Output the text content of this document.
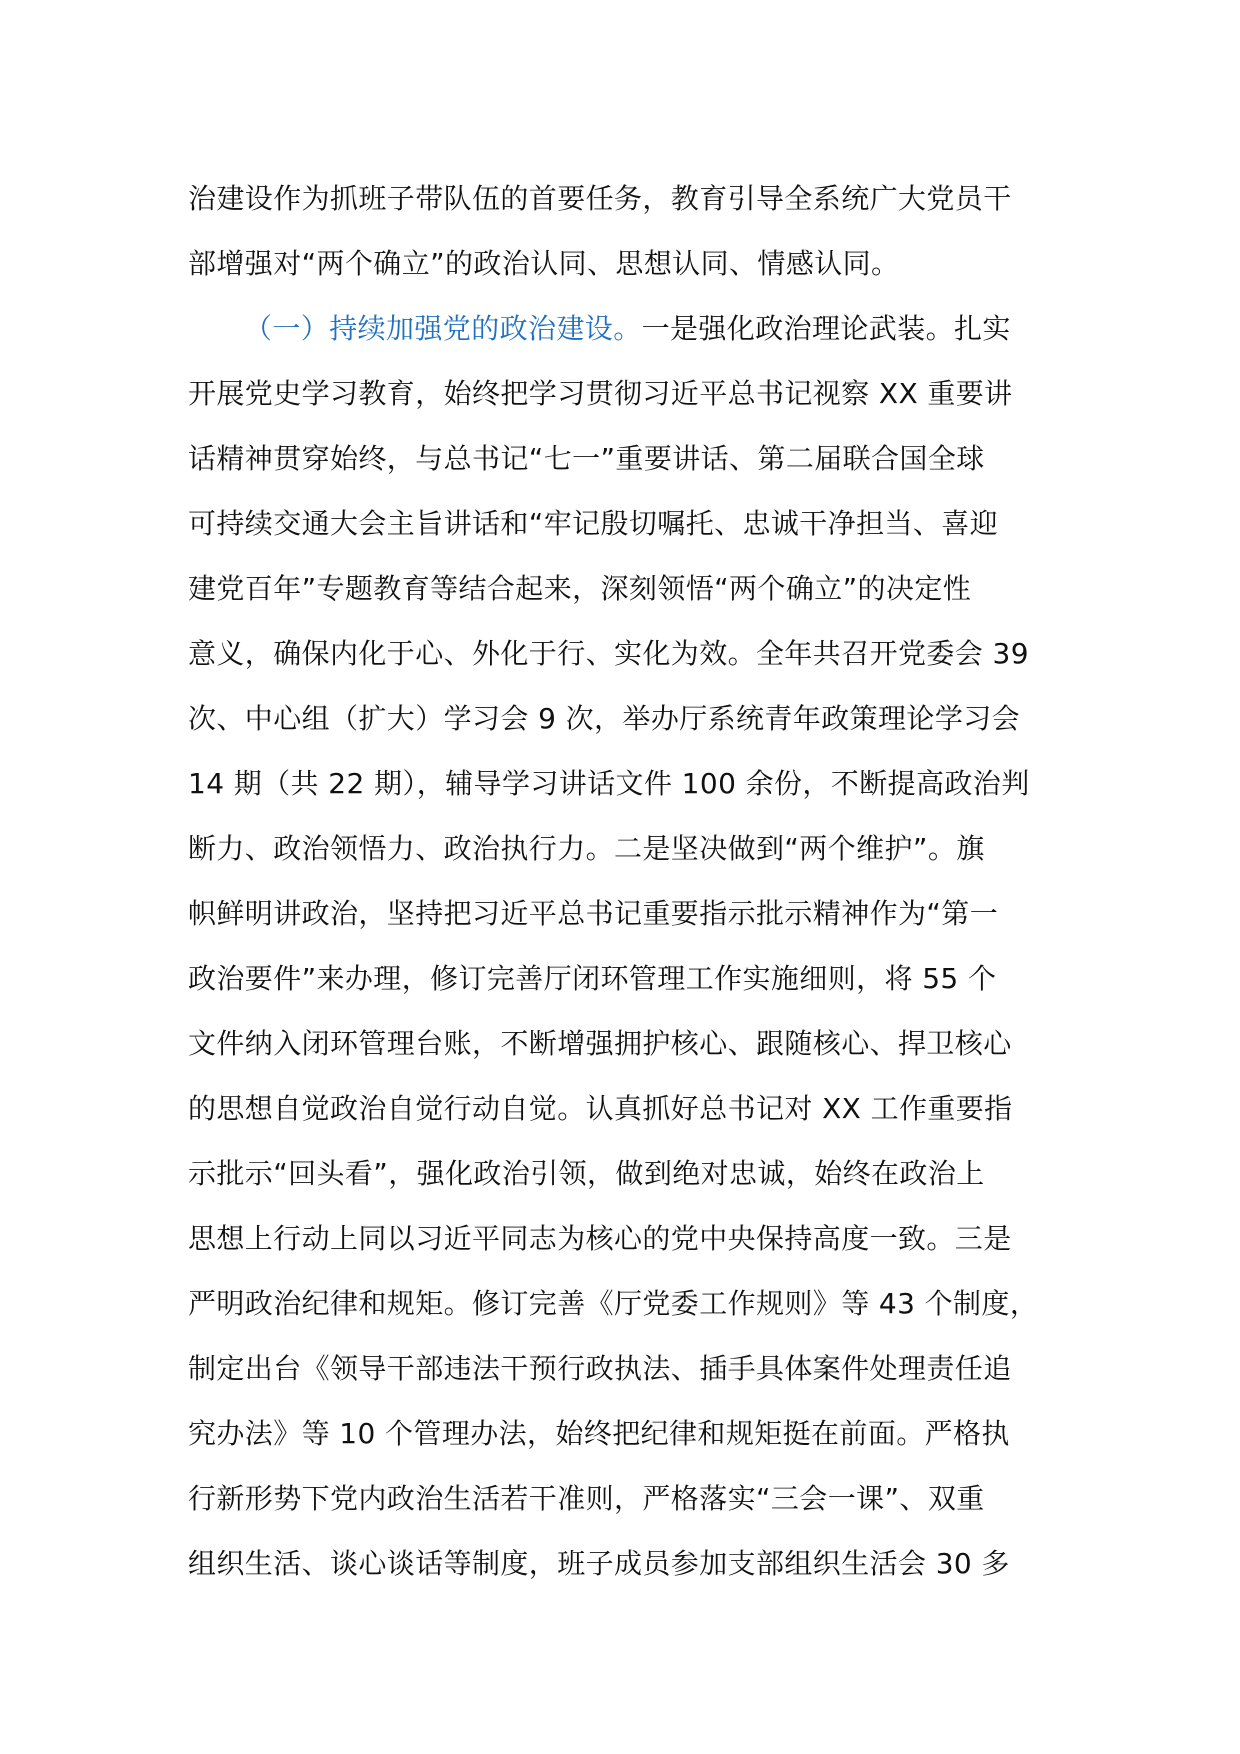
治建设作为抓班子带队伍的首要任务，教育引导全系统广大党员干
部增强对“两个确立”的政治认同、思想认同、情感认同。
（一）持续加强党的政治建设。一是强化政治理论武装。扎实
开展党史学习教育，始终把学习贯彻习近平总书记视察 XX 重要讲
话精神贯穿始终，与总书记“七一”重要讲话、第二届联合国全球
可持续交通大会主旨讲话和“牢记殷切嘱托、忠诚干净担当、喜迎
建党百年”专题教育等结合起来，深刻领悟“两个确立”的决定性
意义，确保内化于心、外化于行、实化为效。全年共召开党委会 39
次、中心组（扩大）学习会 9 次，举办厅系统青年政策理论学习会
14 期（共 22 期），辅导学习讲话文件 100 余份，不断提高政治判
断力、政治领悟力、政治执行力。二是坚决做到“两个维护”。旗
帜鲜明讲政治，坚持把习近平总书记重要指示批示精神作为“第一
政治要件”来办理，修订完善厅闭环管理工作实施细则，将 55 个
文件纳入闭环管理台账，不断增强拥护核心、跟随核心、捍卫核心
的思想自觉政治自觉行动自觉。认真抓好总书记对 XX 工作重要指
示批示“回头看”，强化政治引领，做到绝对忠诚，始终在政治上
思想上行动上同以习近平同志为核心的党中央保持高度一致。三是
严明政治纪律和规矩。修订完善《厅党委工作规则》等 43 个制度，
制定出台《领导干部违法干预行政执法、插手具体案件处理责任追
究办法》等 10 个管理办法，始终把纪律和规矩挺在前面。严格执
行新形势下党内政治生活若干准则，严格落实“三会一课”、双重
组织生活、谈心谈话等制度，班子成员参加支部组织生活会 30 多
